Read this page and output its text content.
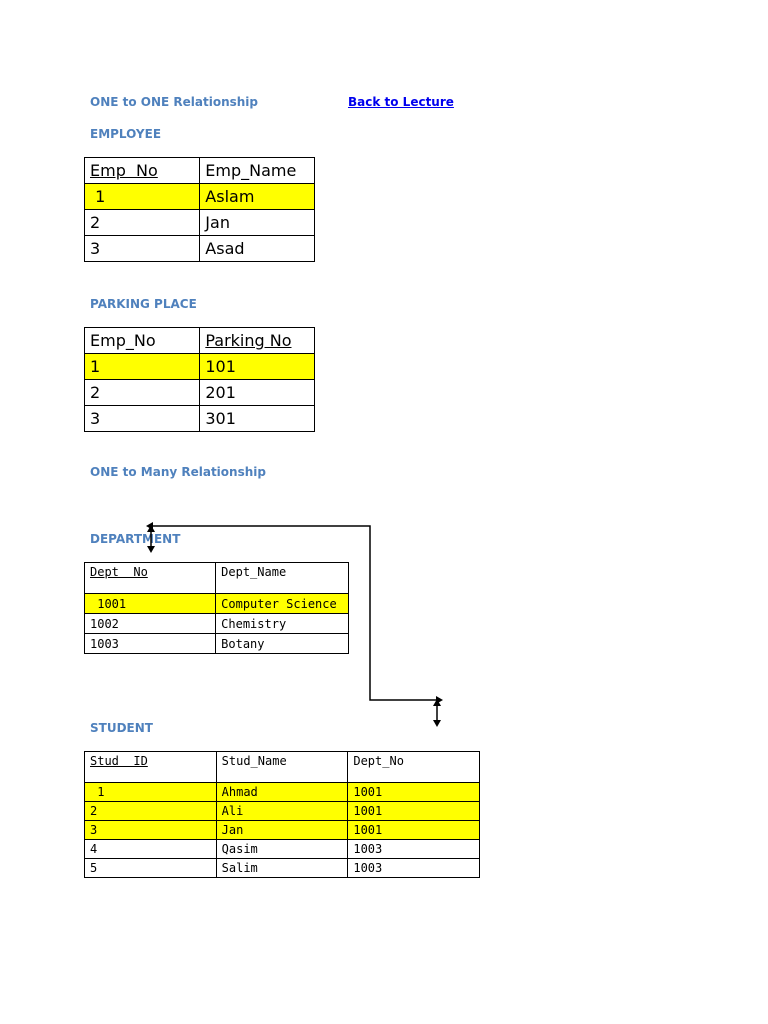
ONE to ONE Relationship	Back to Lecture
EMPLOYEE
Emp  No	Emp_Name
1	Aslam
2	Jan
3	Asad
PARKING PLACE
Emp_No	Parking No
1	101
2	201
3	301
ONE to Many Relationship
DEPARTMENT
Dept  No	Dept_Name
1001	Computer Science
1002	Chemistry
1003	Botany
STUDENT
Stud  ID	Stud_Name	Dept_No
1	Ahmad	1001
2	Ali	1001
3	Jan	1001
4	Qasim	1003
5	Salim	1003
